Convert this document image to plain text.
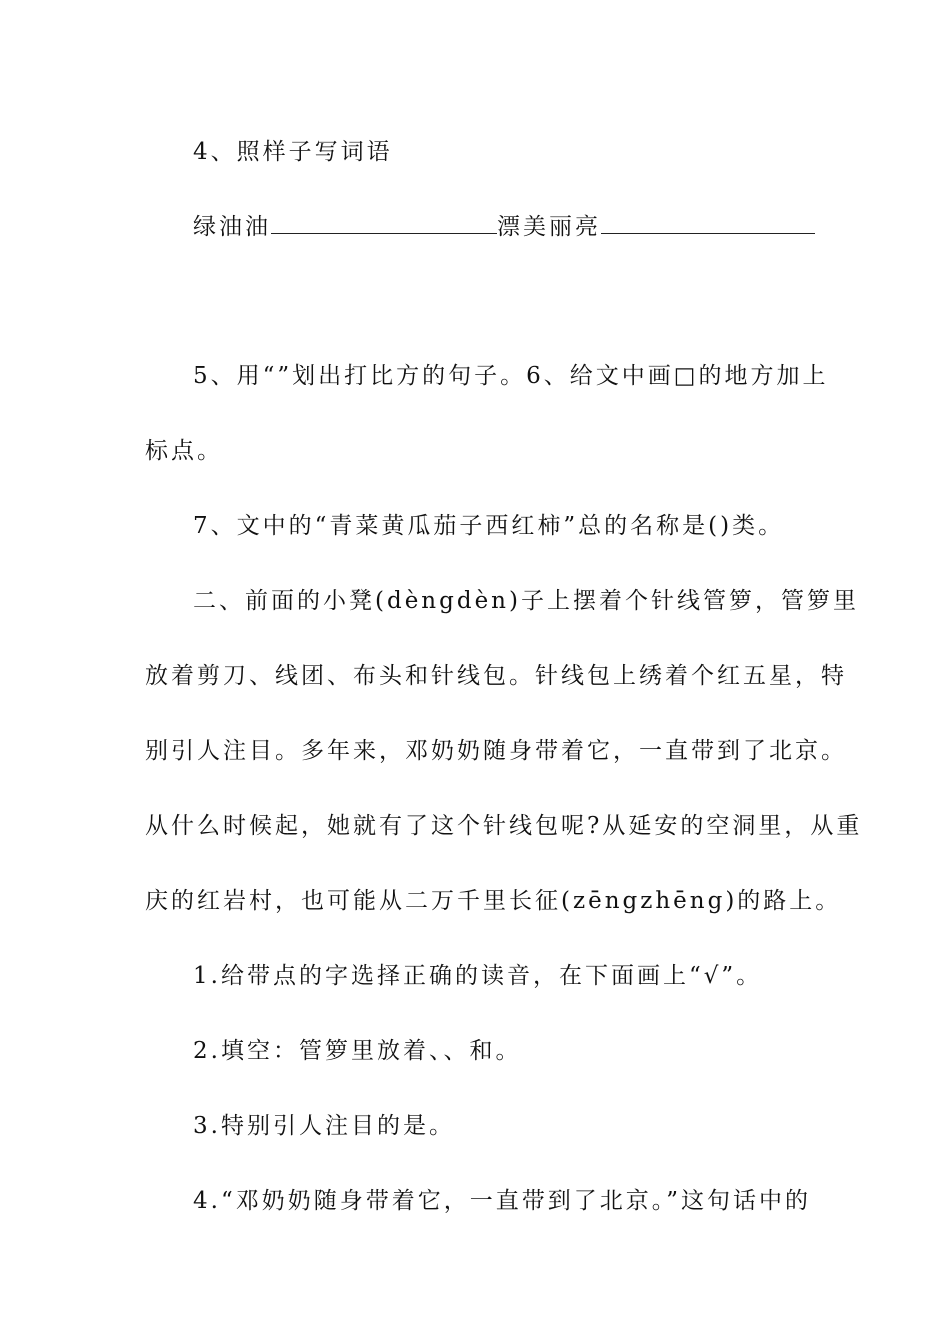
4、照样子写词语
绿油油	漂美丽亮
5、用“”划出打比方的句子。6、给文中画□的地方加上
标点。
7、文中的“青菜黄瓜茄子西红柿”总的名称是()类。
二、前面的小凳(dèngdèn)子上摆着个针线管箩，管箩里
放着剪刀、线团、布头和针线包。针线包上绣着个红五星，特
别引人注目。多年来，邓奶奶随身带着它，一直带到了北京。
从什么时候起，她就有了这个针线包呢?从延安的空洞里，从重
庆的红岩村，也可能从二万千里长征(zēngzhēng)的路上。
1.给带点的字选择正确的读音，在下面画上“√”。
2.填空：管箩里放着、、和。
3.特别引人注目的是。
4.“邓奶奶随身带着它，一直带到了北京。”这句话中的
